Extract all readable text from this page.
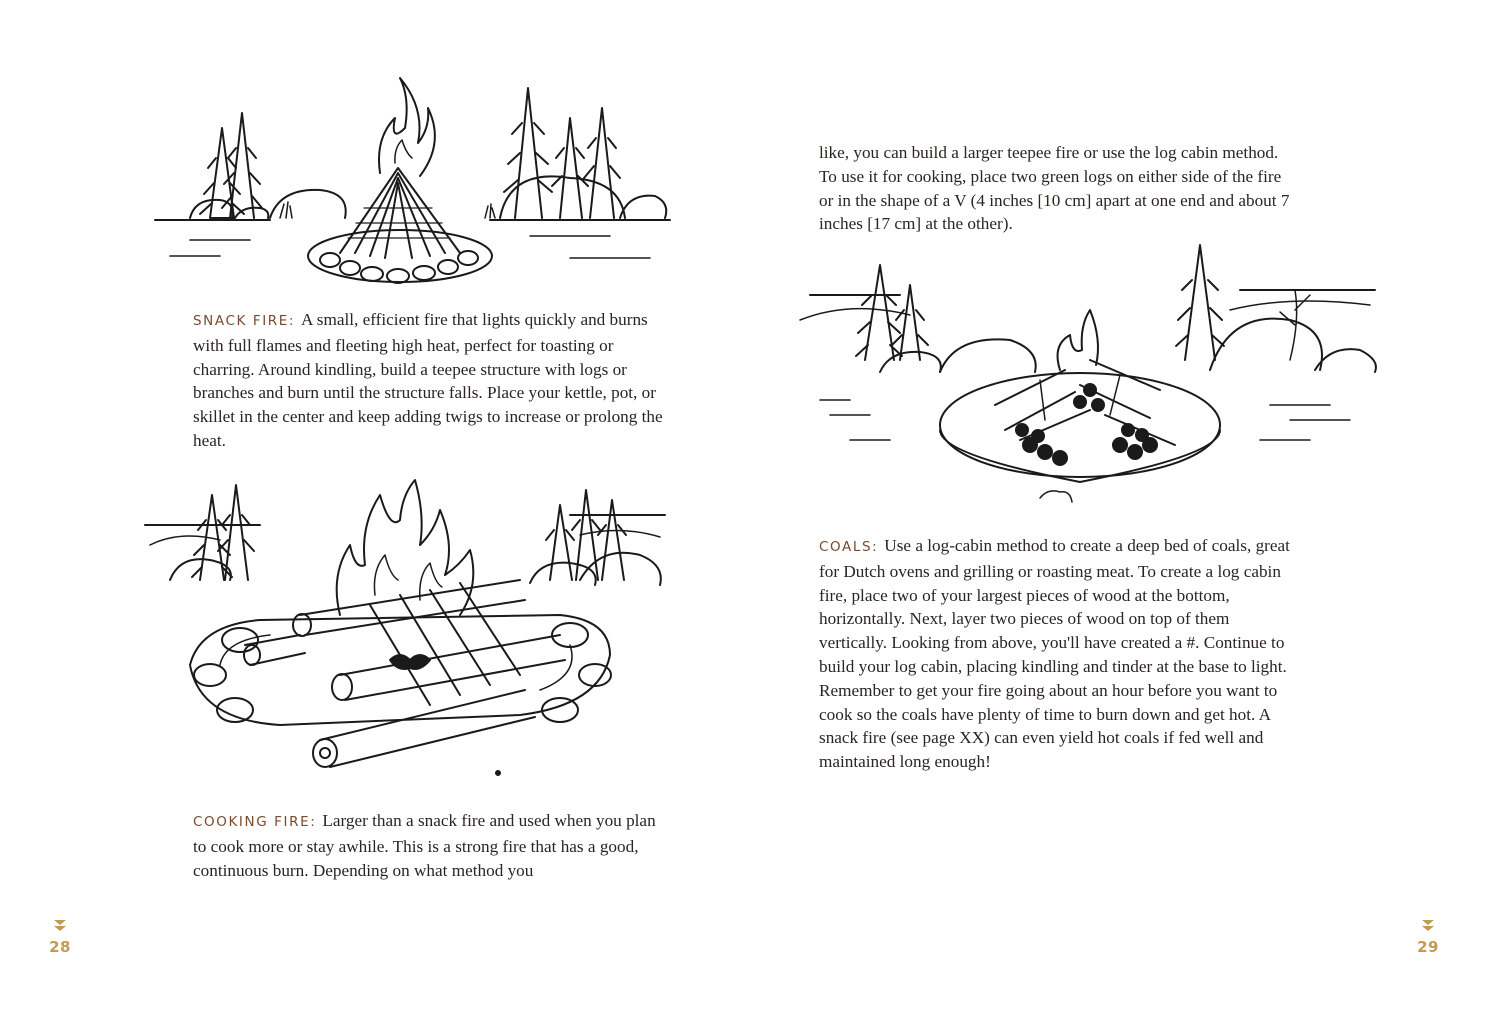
SNACK FIRE: A small, efficient fire that lights quickly and burns with full flames and fleeting high heat, perfect for toasting or charring. Around kindling, build a teepee structure with logs or branches and burn until the structure falls. Place your kettle, pot, or skillet in the center and keep adding twigs to increase or prolong the heat.

COOKING FIRE: Larger than a snack fire and used when you plan to cook more or stay awhile. This is a strong fire that has a good, continuous burn. Depending on what method you

28

like, you can build a larger teepee fire or use the log cabin method. To use it for cooking, place two green logs on either side of the fire or in the shape of a V (4 inches [10 cm] apart at one end and about 7 inches [17 cm] at the other).

COALS: Use a log-cabin method to create a deep bed of coals, great for Dutch ovens and grilling or roasting meat. To create a log cabin fire, place two of your largest pieces of wood at the bottom, horizontally. Next, layer two pieces of wood on top of them vertically. Looking from above, you'll have created a #. Continue to build your log cabin, placing kindling and tinder at the base to light. Remember to get your fire going about an hour before you want to cook so the coals have plenty of time to burn down and get hot. A snack fire (see page XX) can even yield hot coals if fed well and maintained long enough!

29
